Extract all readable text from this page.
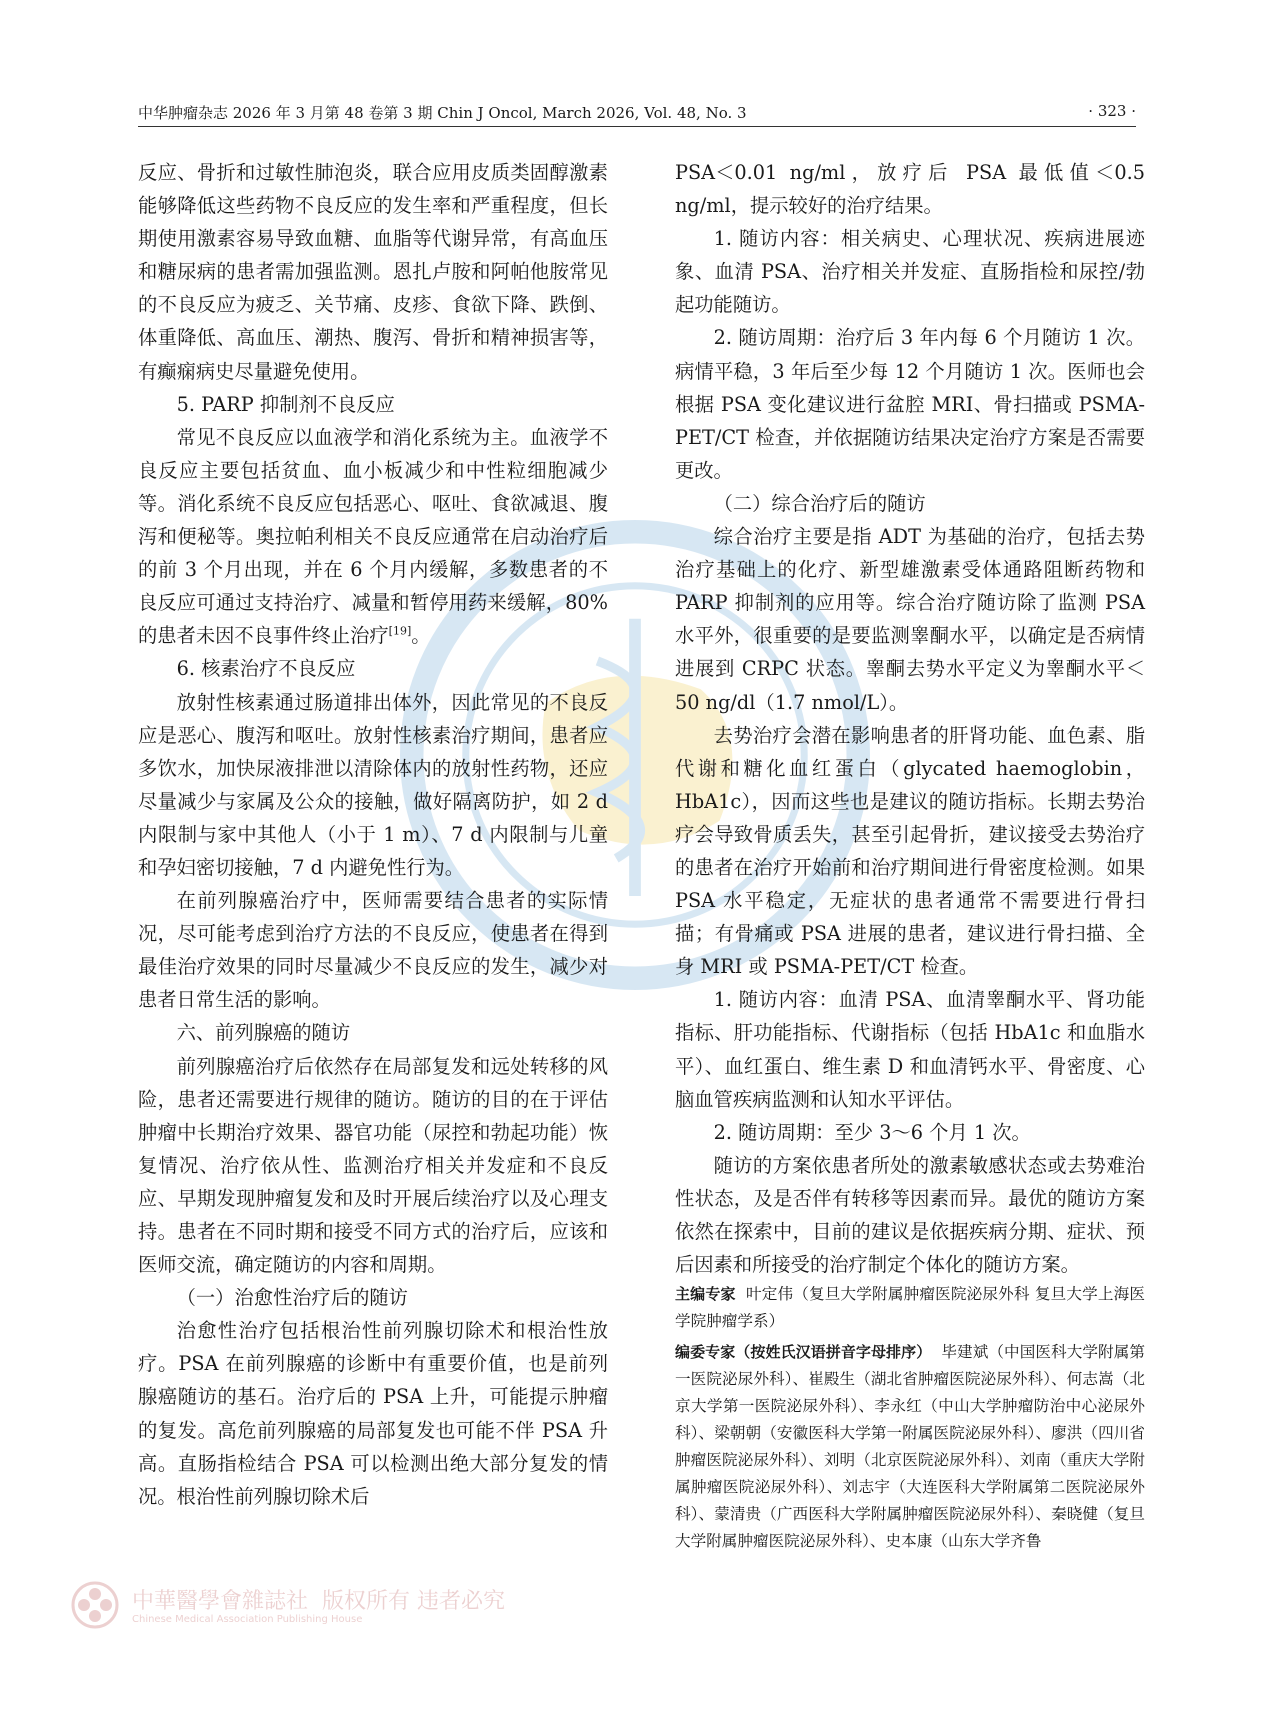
中华肿瘤杂志 2026 年 3 月第 48 卷第 3 期 Chin J Oncol, March 2026, Vol. 48, No. 3	· 323 ·

反应、骨折和过敏性肺泡炎，联合应用皮质类固醇激素能够降低这些药物不良反应的发生率和严重程度，但长期使用激素容易导致血糖、血脂等代谢异常，有高血压和糖尿病的患者需加强监测。恩扎卢胺和阿帕他胺常见的不良反应为疲乏、关节痛、皮疹、食欲下降、跌倒、体重降低、高血压、潮热、腹泻、骨折和精神损害等，有癫痫病史尽量避免使用。

5. PARP 抑制剂不良反应

常见不良反应以血液学和消化系统为主。血液学不良反应主要包括贫血、血小板减少和中性粒细胞减少等。消化系统不良反应包括恶心、呕吐、食欲减退、腹泻和便秘等。奥拉帕利相关不良反应通常在启动治疗后的前 3 个月出现，并在 6 个月内缓解，多数患者的不良反应可通过支持治疗、减量和暂停用药来缓解，80% 的患者未因不良事件终止治疗[19]。

6. 核素治疗不良反应

放射性核素通过肠道排出体外，因此常见的不良反应是恶心、腹泻和呕吐。放射性核素治疗期间，患者应多饮水，加快尿液排泄以清除体内的放射性药物，还应尽量减少与家属及公众的接触，做好隔离防护，如 2 d 内限制与家中其他人（小于 1 m）、7 d 内限制与儿童和孕妇密切接触，7 d 内避免性行为。

在前列腺癌治疗中，医师需要结合患者的实际情况，尽可能考虑到治疗方法的不良反应，使患者在得到最佳治疗效果的同时尽量减少不良反应的发生，减少对患者日常生活的影响。

六、前列腺癌的随访

前列腺癌治疗后依然存在局部复发和远处转移的风险，患者还需要进行规律的随访。随访的目的在于评估肿瘤中长期治疗效果、器官功能（尿控和勃起功能）恢复情况、治疗依从性、监测治疗相关并发症和不良反应、早期发现肿瘤复发和及时开展后续治疗以及心理支持。患者在不同时期和接受不同方式的治疗后，应该和医师交流，确定随访的内容和周期。

（一）治愈性治疗后的随访

治愈性治疗包括根治性前列腺切除术和根治性放疗。PSA 在前列腺癌的诊断中有重要价值，也是前列腺癌随访的基石。治疗后的 PSA 上升，可能提示肿瘤的复发。高危前列腺癌的局部复发也可能不伴 PSA 升高。直肠指检结合 PSA 可以检测出绝大部分复发的情况。根治性前列腺切除术后

PSA＜0.01 ng/ml，放疗后 PSA 最低值＜0.5 ng/ml，提示较好的治疗结果。

1. 随访内容：相关病史、心理状况、疾病进展迹象、血清 PSA、治疗相关并发症、直肠指检和尿控/勃起功能随访。

2. 随访周期：治疗后 3 年内每 6 个月随访 1 次。病情平稳，3 年后至少每 12 个月随访 1 次。医师也会根据 PSA 变化建议进行盆腔 MRI、骨扫描或 PSMA-PET/CT 检查，并依据随访结果决定治疗方案是否需要更改。

（二）综合治疗后的随访

综合治疗主要是指 ADT 为基础的治疗，包括去势治疗基础上的化疗、新型雄激素受体通路阻断药物和 PARP 抑制剂的应用等。综合治疗随访除了监测 PSA 水平外，很重要的是要监测睾酮水平，以确定是否病情进展到 CRPC 状态。睾酮去势水平定义为睾酮水平＜50 ng/dl（1.7 nmol/L）。

去势治疗会潜在影响患者的肝肾功能、血色素、脂代谢和糖化血红蛋白（glycated haemoglobin，HbA1c），因而这些也是建议的随访指标。长期去势治疗会导致骨质丢失，甚至引起骨折，建议接受去势治疗的患者在治疗开始前和治疗期间进行骨密度检测。如果 PSA 水平稳定，无症状的患者通常不需要进行骨扫描；有骨痛或 PSA 进展的患者，建议进行骨扫描、全身 MRI 或 PSMA-PET/CT 检查。

1. 随访内容：血清 PSA、血清睾酮水平、肾功能指标、肝功能指标、代谢指标（包括 HbA1c 和血脂水平）、血红蛋白、维生素 D 和血清钙水平、骨密度、心脑血管疾病监测和认知水平评估。

2. 随访周期：至少 3～6 个月 1 次。

随访的方案依患者所处的激素敏感状态或去势难治性状态，及是否伴有转移等因素而异。最优的随访方案依然在探索中，目前的建议是依据疾病分期、症状、预后因素和所接受的治疗制定个体化的随访方案。

主编专家 叶定伟（复旦大学附属肿瘤医院泌尿外科 复旦大学上海医学院肿瘤学系）

编委专家（按姓氏汉语拼音字母排序） 毕建斌（中国医科大学附属第一医院泌尿外科）、崔殿生（湖北省肿瘤医院泌尿外科）、何志嵩（北京大学第一医院泌尿外科）、李永红（中山大学肿瘤防治中心泌尿外科）、梁朝朝（安徽医科大学第一附属医院泌尿外科）、廖洪（四川省肿瘤医院泌尿外科）、刘明（北京医院泌尿外科）、刘南（重庆大学附属肿瘤医院泌尿外科）、刘志宇（大连医科大学附属第二医院泌尿外科）、蒙清贵（广西医科大学附属肿瘤医院泌尿外科）、秦晓健（复旦大学附属肿瘤医院泌尿外科）、史本康（山东大学齐鲁

中華醫學會雜誌社 版权所有 违者必究
Chinese Medical Association Publishing House
